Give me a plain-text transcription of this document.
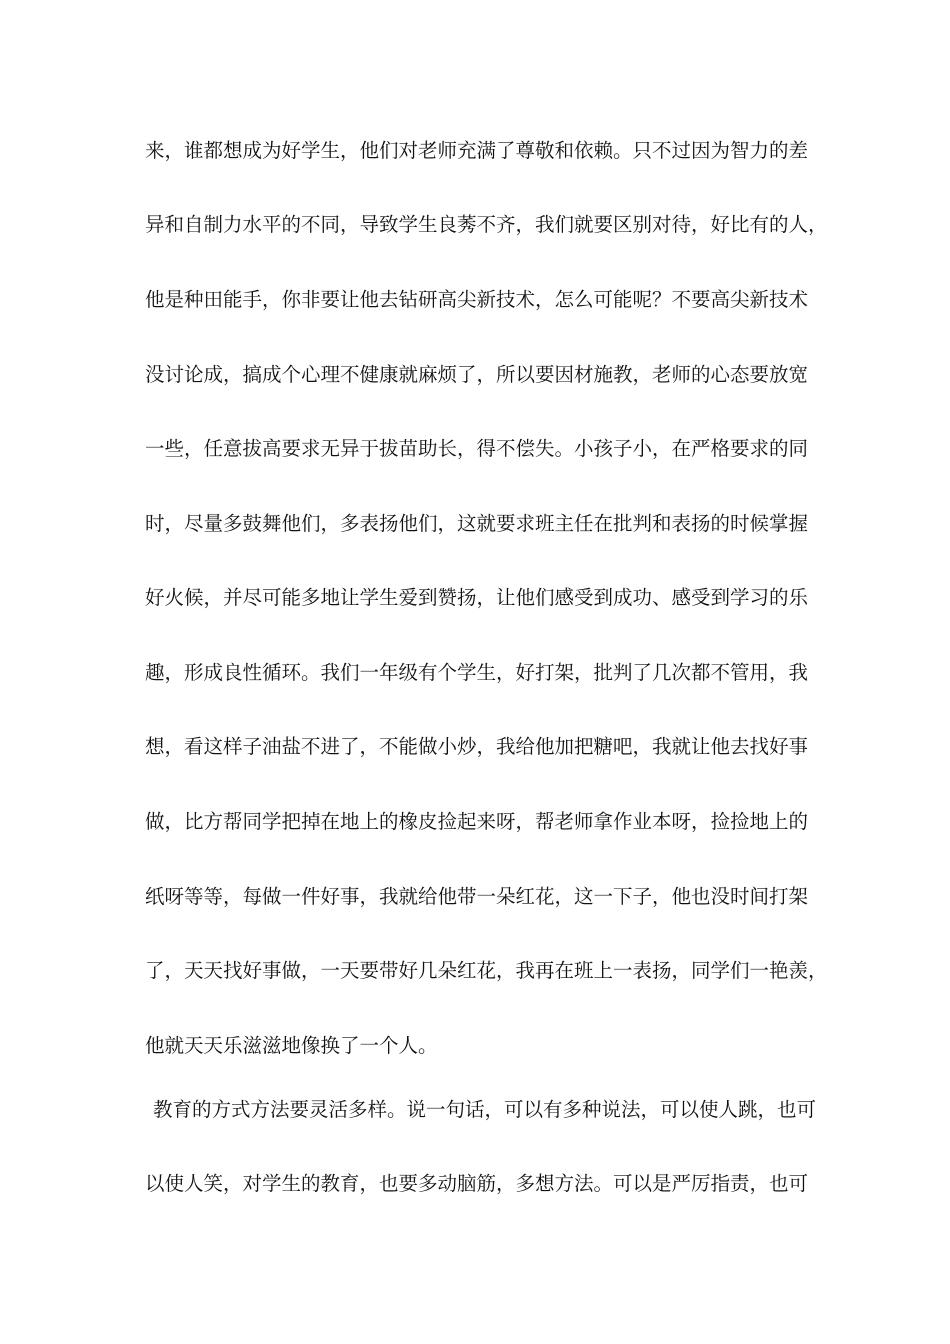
来，谁都想成为好学生，他们对老师充满了尊敬和依赖。只不过因为智力的差
异和自制力水平的不同，导致学生良莠不齐，我们就要区别对待，好比有的人，
他是种田能手，你非要让他去钻研高尖新技术，怎么可能呢？不要高尖新技术
没讨论成，搞成个心理不健康就麻烦了，所以要因材施教，老师的心态要放宽
一些，任意拔高要求无异于拔苗助长，得不偿失。小孩子小，在严格要求的同
时，尽量多鼓舞他们，多表扬他们，这就要求班主任在批判和表扬的时候掌握
好火候，并尽可能多地让学生爱到赞扬，让他们感受到成功、感受到学习的乐
趣，形成良性循环。我们一年级有个学生，好打架，批判了几次都不管用，我
想，看这样子油盐不进了，不能做小炒，我给他加把糖吧，我就让他去找好事
做，比方帮同学把掉在地上的橡皮捡起来呀，帮老师拿作业本呀，捡捡地上的
纸呀等等，每做一件好事，我就给他带一朵红花，这一下子，他也没时间打架
了，天天找好事做，一天要带好几朵红花，我再在班上一表扬，同学们一艳羡，
他就天天乐滋滋地像换了一个人。
教育的方式方法要灵活多样。说一句话，可以有多种说法，可以使人跳，也可
以使人笑，对学生的教育，也要多动脑筋，多想方法。可以是严厉指责，也可
